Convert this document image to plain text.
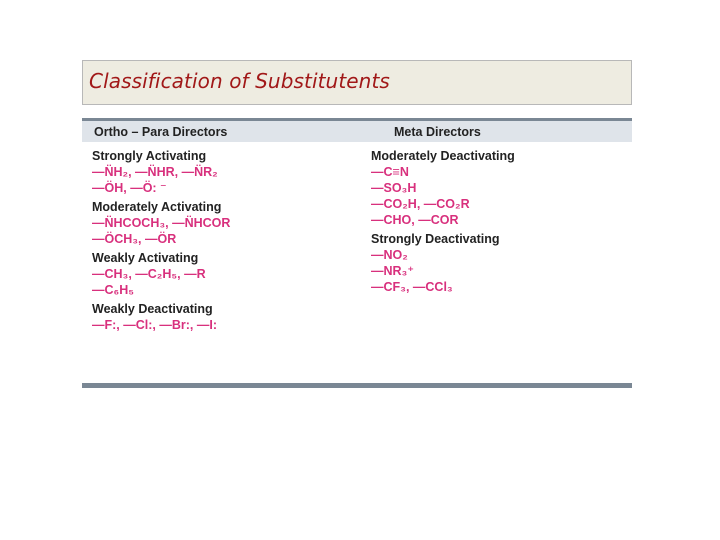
Classification of Substitutents
Ortho – Para Directors	Meta Directors
Strongly Activating
—N̈H₂, —N̈HR, —N̈R₂
—ÖH, —Ö: ⁻
Moderately Activating
—N̈HCOCH₃, —N̈HCOR
—ÖCH₃, —ÖR
Weakly Activating
—CH₃, —C₂H₅, —R
—C₆H₅
Weakly Deactivating
—F:, —Cl:, —Br:, —I:
Moderately Deactivating
—C≡N
—SO₃H
—CO₂H, —CO₂R
—CHO, —COR
Strongly Deactivating
—NO₂
—NR₃⁺
—CF₃, —CCl₃
